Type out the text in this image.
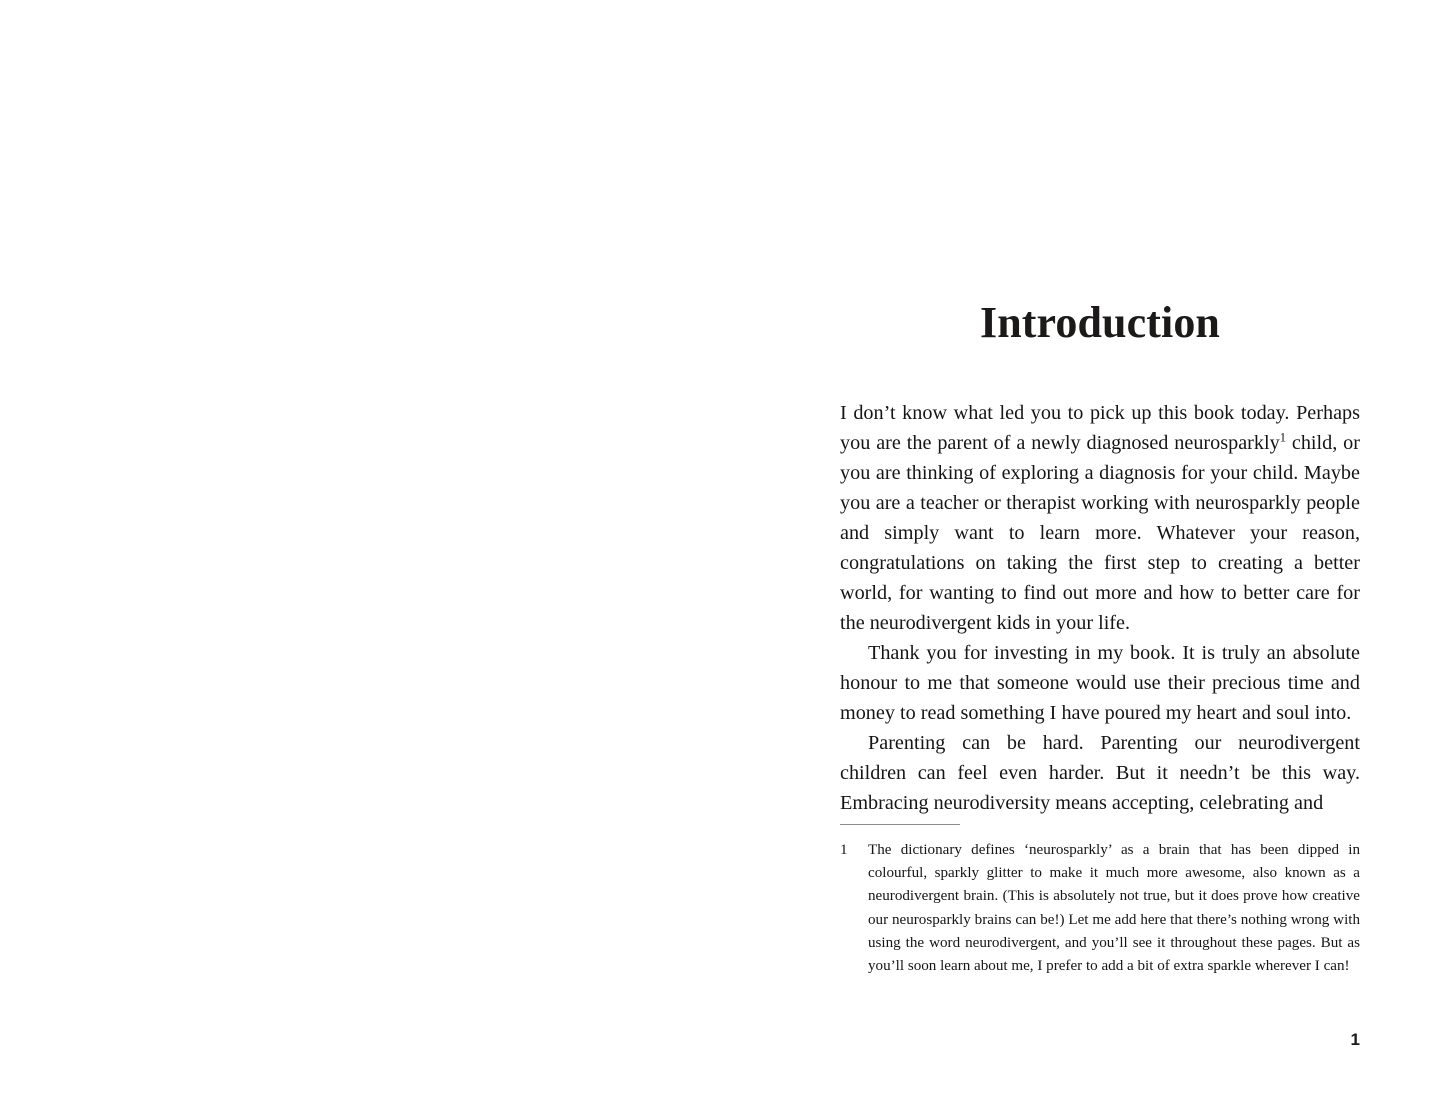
Introduction

I don’t know what led you to pick up this book today. Perhaps you are the parent of a newly diagnosed neurosparkly$^1$ child, or you are thinking of exploring a diagnosis for your child. Maybe you are a teacher or therapist working with neurosparkly people and simply want to learn more. Whatever your reason, congratulations on taking the first step to creating a better world, for wanting to find out more and how to better care for the neurodivergent kids in your life.

Thank you for investing in my book. It is truly an absolute honour to me that someone would use their precious time and money to read something I have poured my heart and soul into.

Parenting can be hard. Parenting our neurodivergent children can feel even harder. But it needn’t be this way. Embracing neurodiversity means accepting, celebrating and

1	The dictionary defines ‘neurosparkly’ as a brain that has been dipped in colourful, sparkly glitter to make it much more awesome, also known as a neurodivergent brain. (This is absolutely not true, but it does prove how creative our neurosparkly brains can be!) Let me add here that there’s nothing wrong with using the word neurodivergent, and you’ll see it throughout these pages. But as you’ll soon learn about me, I prefer to add a bit of extra sparkle wherever I can!
1
